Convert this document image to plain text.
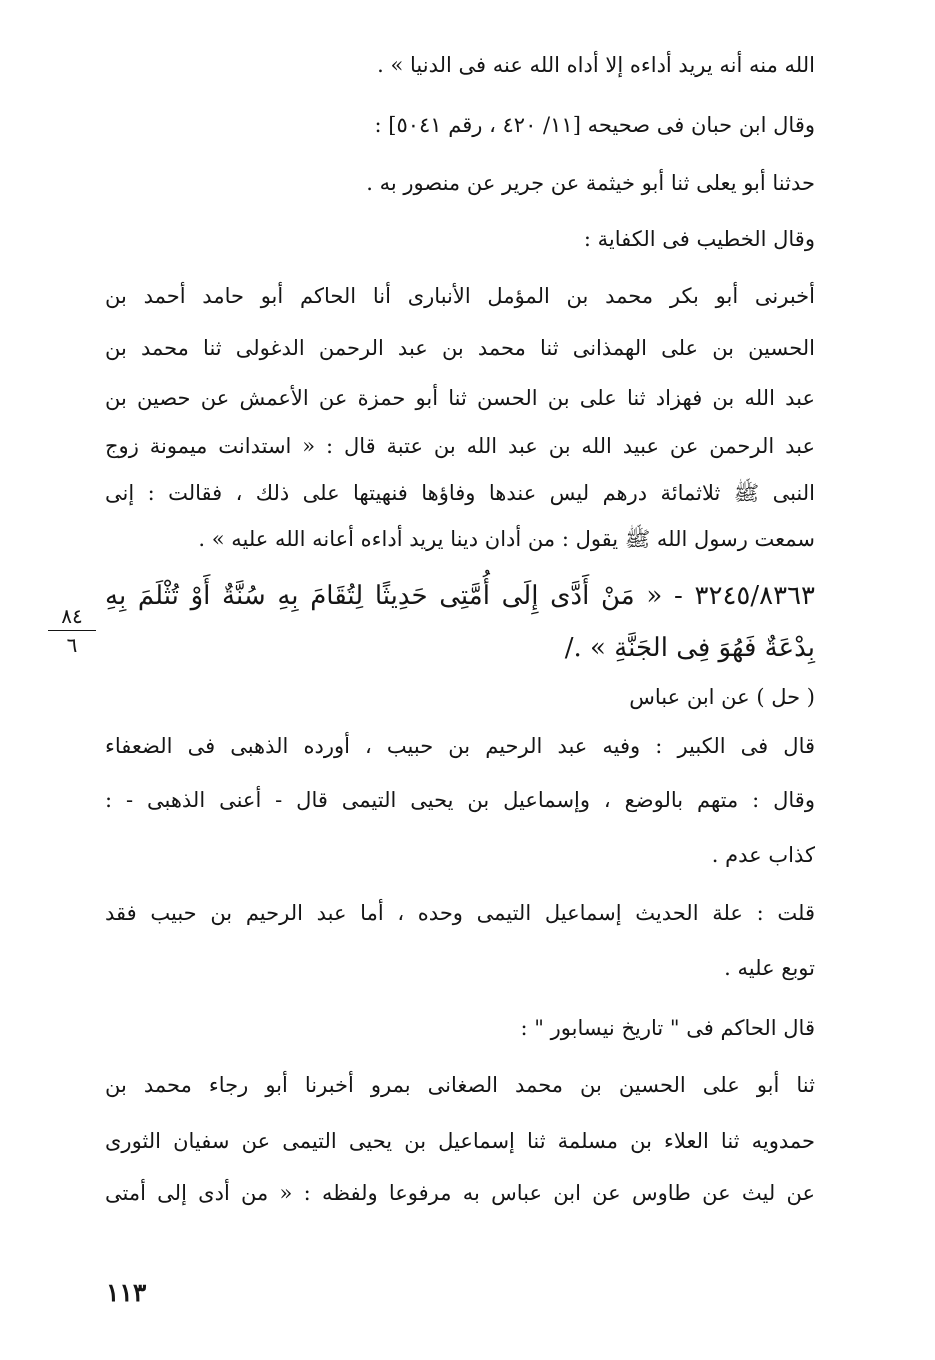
الله منه أنه يريد أداءه إلا أداه الله عنه فى الدنيا » .
وقال ابن حبان فى صحيحه [١١/ ٤٢٠ ، رقم ٥٠٤١] :
حدثنا أبو يعلى ثنا أبو خيثمة عن جرير عن منصور به .
وقال الخطيب فى الكفاية :
أخبرنى أبو بكر محمد بن المؤمل الأنبارى أنا الحاكم أبو حامد أحمد بن
الحسين بن على الهمذانى ثنا محمد بن عبد الرحمن الدغولى ثنا محمد بن
عبد الله بن فهزاد ثنا على بن الحسن ثنا أبو حمزة عن الأعمش عن حصين بن
عبد الرحمن عن عبيد الله بن عبد الله بن عتبة قال : « استدانت ميمونة زوج
النبى ﷺ ثلاثمائة درهم ليس عندها وفاؤها فنهيتها على ذلك ، فقالت : إنى
سمعت رسول الله ﷺ يقول : من أدان دينا يريد أداءه أعانه الله عليه » .
٣٢٤٥/٨٣٦٣ - « مَنْ أَدَّى إِلَى أُمَّتِى حَدِيثًا لِتُقَامَ بِهِ سُنَّةٌ أَوْ تُثْلَمَ بِهِ
بِدْعَةٌ فَهُوَ فِى الجَنَّةِ » ./
٨٤
٦
( حل ) عن ابن عباس
قال فى الكبير : وفيه عبد الرحيم بن حبيب ، أورده الذهبى فى الضعفاء
وقال : متهم بالوضع ، وإسماعيل بن يحيى التيمى قال - أعنى الذهبى - :
كذاب عدم .
قلت : علة الحديث إسماعيل التيمى وحده ، أما عبد الرحيم بن حبيب فقد
توبع عليه .
قال الحاكم فى " تاريخ نيسابور " :
ثنا أبو على الحسين بن محمد الصغانى بمرو أخبرنا أبو رجاء محمد بن
حمدويه ثنا العلاء بن مسلمة ثنا إسماعيل بن يحيى التيمى عن سفيان الثورى
عن ليث عن طاوس عن ابن عباس به مرفوعا ولفظه : « من أدى إلى أمتى
١١٣
